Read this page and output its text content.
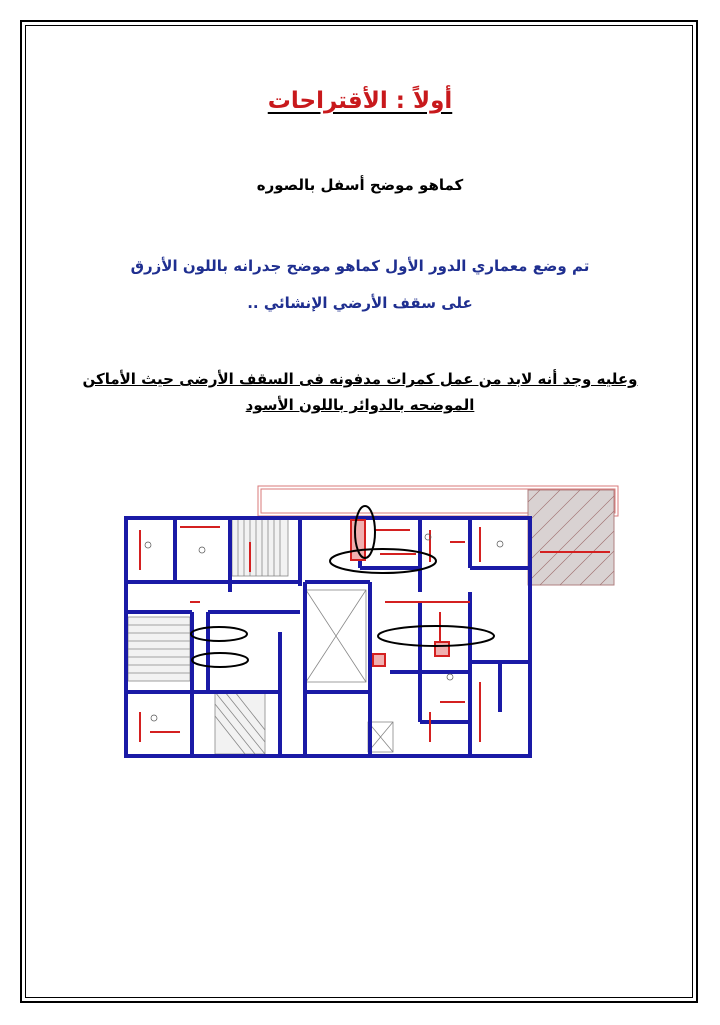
أولاً : الأقتراحات
كماهو موضح أسفل بالصوره
تم وضع معماري الدور الأول كماهو موضح جدرانه باللون الأزرق
على سقف الأرضي الإنشائي ..
وعليه وجد أنه لابد من عمل كمرات مدفونه فى السقف الأرضى حيث الأماكن
الموضحه بالدوائر باللون الأسود
